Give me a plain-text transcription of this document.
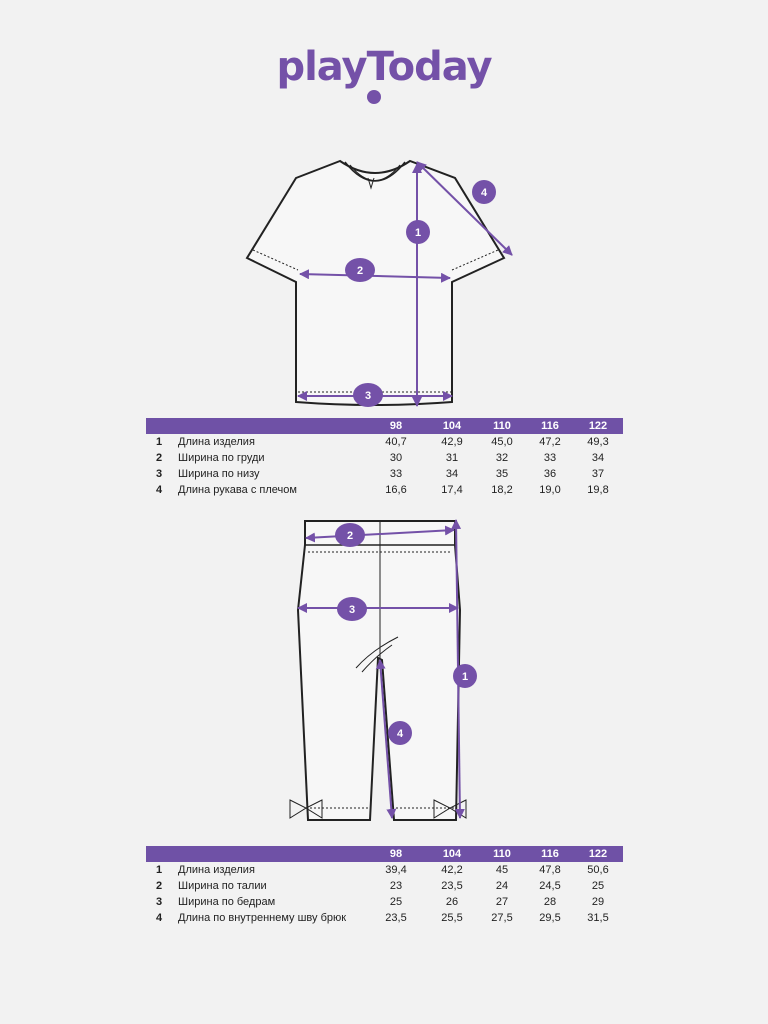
playToday
1
2
3
4
1
2
3
4
98	104	110	116	122
1	Длина изделия	40,7	42,9	45,0	47,2	49,3
2	Ширина по груди	30	31	32	33	34
3	Ширина по низу	33	34	35	36	37
4	Длина рукава с плечом	16,6	17,4	18,2	19,0	19,8
98	104	110	116	122
1	Длина изделия	39,4	42,2	45	47,8	50,6
2	Ширина по талии	23	23,5	24	24,5	25
3	Ширина по бедрам	25	26	27	28	29
4	Длина по внутреннему шву брюк	23,5	25,5	27,5	29,5	31,5
